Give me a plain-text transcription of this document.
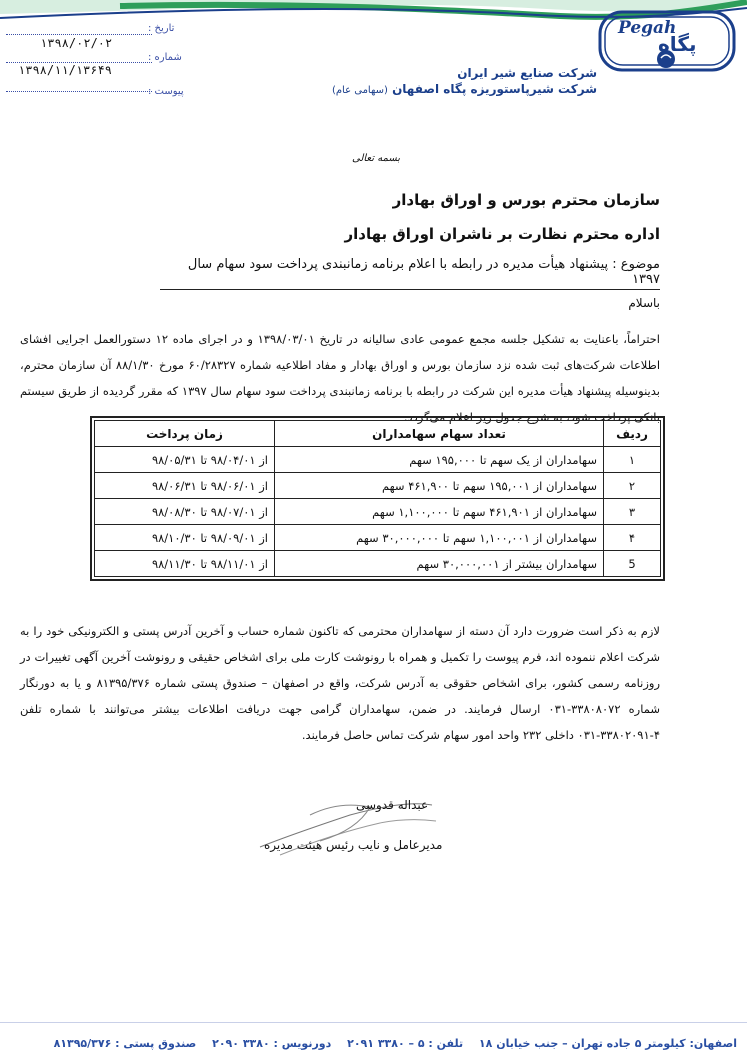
Pegah
پگاه
شرکت صنایع شیر ایران
شرکت شیرپاستوریزه پگاه اصفهان (سهامی عام)
تاریخ :
۱۳۹۸/۰۲/۰۲
شماره :
۱۳۹۸/۱۱/۱۳۶۴۹
پیوست :
بسمه تعالی
سازمان محترم بورس و اوراق بهادار
اداره محترم نظارت بر ناشران اوراق بهادار
موضوع : پیشنهاد هیأت مدیره در رابطه با اعلام برنامه زمانبندی پرداخت سود سهام سال ۱۳۹۷
باسلام
احتراماً، باعنایت به تشکیل جلسه مجمع عمومی عادی سالیانه در تاریخ ۱۳۹۸/۰۳/۰۱ و در اجرای ماده ۱۲ دستورالعمل اجرایی افشای اطلاعات شرکت‌های ثبت شده نزد سازمان بورس و اوراق بهادار و مفاد اطلاعیه شماره ۶۰/۲۸۳۲۷ مورخ ۸۸/۱/۳۰ آن سازمان محترم، بدینوسیله پیشنهاد هیأت مدیره این شرکت در رابطه با برنامه زمانبندی پرداخت سود سهام سال ۱۳۹۷ که مقرر گردیده از طریق سیستم بانکی پرداخت شود، به شرح جدول زیر اعلام می‌گردد.
ردیف	تعداد سهام سهامداران	زمان پرداخت
۱	سهامداران از یک سهم تا ۱۹۵,۰۰۰ سهم	از ۹۸/۰۴/۰۱ تا ۹۸/۰۵/۳۱
۲	سهامداران از ۱۹۵,۰۰۱ سهم تا ۴۶۱,۹۰۰ سهم	از ۹۸/۰۶/۰۱ تا ۹۸/۰۶/۳۱
۳	سهامداران از ۴۶۱,۹۰۱ سهم تا ۱,۱۰۰,۰۰۰ سهم	از ۹۸/۰۷/۰۱ تا ۹۸/۰۸/۳۰
۴	سهامداران از ۱,۱۰۰,۰۰۱ سهم تا ۳۰,۰۰۰,۰۰۰ سهم	از ۹۸/۰۹/۰۱ تا ۹۸/۱۰/۳۰
5	سهامداران بیشتر از ۳۰,۰۰۰,۰۰۱ سهم	از ۹۸/۱۱/۰۱ تا ۹۸/۱۱/۳۰
لازم به ذکر است ضرورت دارد آن دسته از سهامداران محترمی که تاکنون شماره حساب و آخرین آدرس پستی و الکترونیکی خود را به شرکت اعلام ننموده اند، فرم پیوست را تکمیل و همراه با رونوشت کارت ملی برای اشخاص حقیقی و رونوشت آخرین آگهی تغییرات در روزنامه رسمی کشور، برای اشخاص حقوقی به آدرس شرکت، واقع در اصفهان – صندوق پستی شماره ۸۱۳۹۵/۳۷۶ و یا به دورنگار شماره ۳۳۸۰۸۰۷۲-۰۳۱ ارسال فرمایند. در ضمن، سهامداران گرامی جهت دریافت اطلاعات بیشتر می‌توانند با شماره تلفن ۴-۳۳۸۰۲۰۹۱-۰۳۱ داخلی ۲۳۲ واحد امور سهام شرکت تماس حاصل فرمایند.
عبداله قدوسی
مدیرعامل و نایب رئیس هیئت مدیره
اصفهان: کیلومتر ۵ جاده تهران – جنب خیابان ۱۸ تلفن : ۵ – ۳۳۸۰ ۲۰۹۱ دورنویس : ۳۳۸۰ ۲۰۹۰ صندوق پستی : ۸۱۳۹۵/۳۷۶
